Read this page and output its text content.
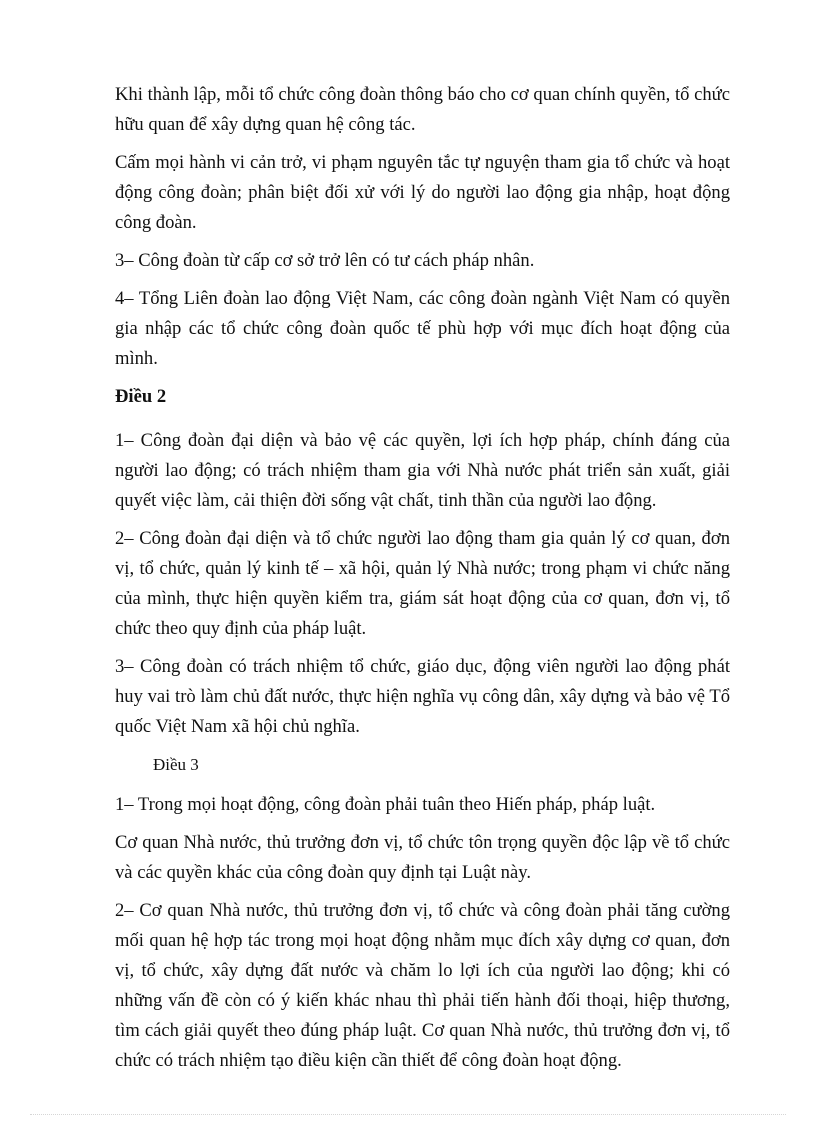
Khi thành lập, mỗi tổ chức công đoàn thông báo cho cơ quan chính quyền, tổ chức hữu quan để xây dựng quan hệ công tác.

Cấm mọi hành vi cản trở, vi phạm nguyên tắc tự nguyện tham gia tổ chức và hoạt động công đoàn; phân biệt đối xử với lý do người lao động gia nhập, hoạt động công đoàn.

3– Công đoàn từ cấp cơ sở trở lên có tư cách pháp nhân.

4– Tổng Liên đoàn lao động Việt Nam, các công đoàn ngành Việt Nam có quyền gia nhập các tổ chức công đoàn quốc tế phù hợp với mục đích hoạt động của mình.

Điều 2

1– Công đoàn đại diện và bảo vệ các quyền, lợi ích hợp pháp, chính đáng của người lao động; có trách nhiệm tham gia với Nhà nước phát triển sản xuất, giải quyết việc làm, cải thiện đời sống vật chất, tinh thần của người lao động.

2– Công đoàn đại diện và tổ chức người lao động tham gia quản lý cơ quan, đơn vị, tổ chức, quản lý kinh tế – xã hội, quản lý Nhà nước; trong phạm vi chức năng của mình, thực hiện quyền kiểm tra, giám sát hoạt động của cơ quan, đơn vị, tổ chức theo quy định của pháp luật.

3– Công đoàn có trách nhiệm tổ chức, giáo dục, động viên người lao động phát huy vai trò làm chủ đất nước, thực hiện nghĩa vụ công dân, xây dựng và bảo vệ Tổ quốc Việt Nam xã hội chủ nghĩa.

Điều 3

1– Trong mọi hoạt động, công đoàn phải tuân theo Hiến pháp, pháp luật.

Cơ quan Nhà nước, thủ trưởng đơn vị, tổ chức tôn trọng quyền độc lập về tổ chức và các quyền khác của công đoàn quy định tại Luật này.

2– Cơ quan Nhà nước, thủ trưởng đơn vị, tổ chức và công đoàn phải tăng cường mối quan hệ hợp tác trong mọi hoạt động nhằm mục đích xây dựng cơ quan, đơn vị, tổ chức, xây dựng đất nước và chăm lo lợi ích của người lao động; khi có những vấn đề còn có ý kiến khác nhau thì phải tiến hành đối thoại, hiệp thương, tìm cách giải quyết theo đúng pháp luật. Cơ quan Nhà nước, thủ trưởng đơn vị, tổ chức có trách nhiệm tạo điều kiện cần thiết để công đoàn hoạt động.
